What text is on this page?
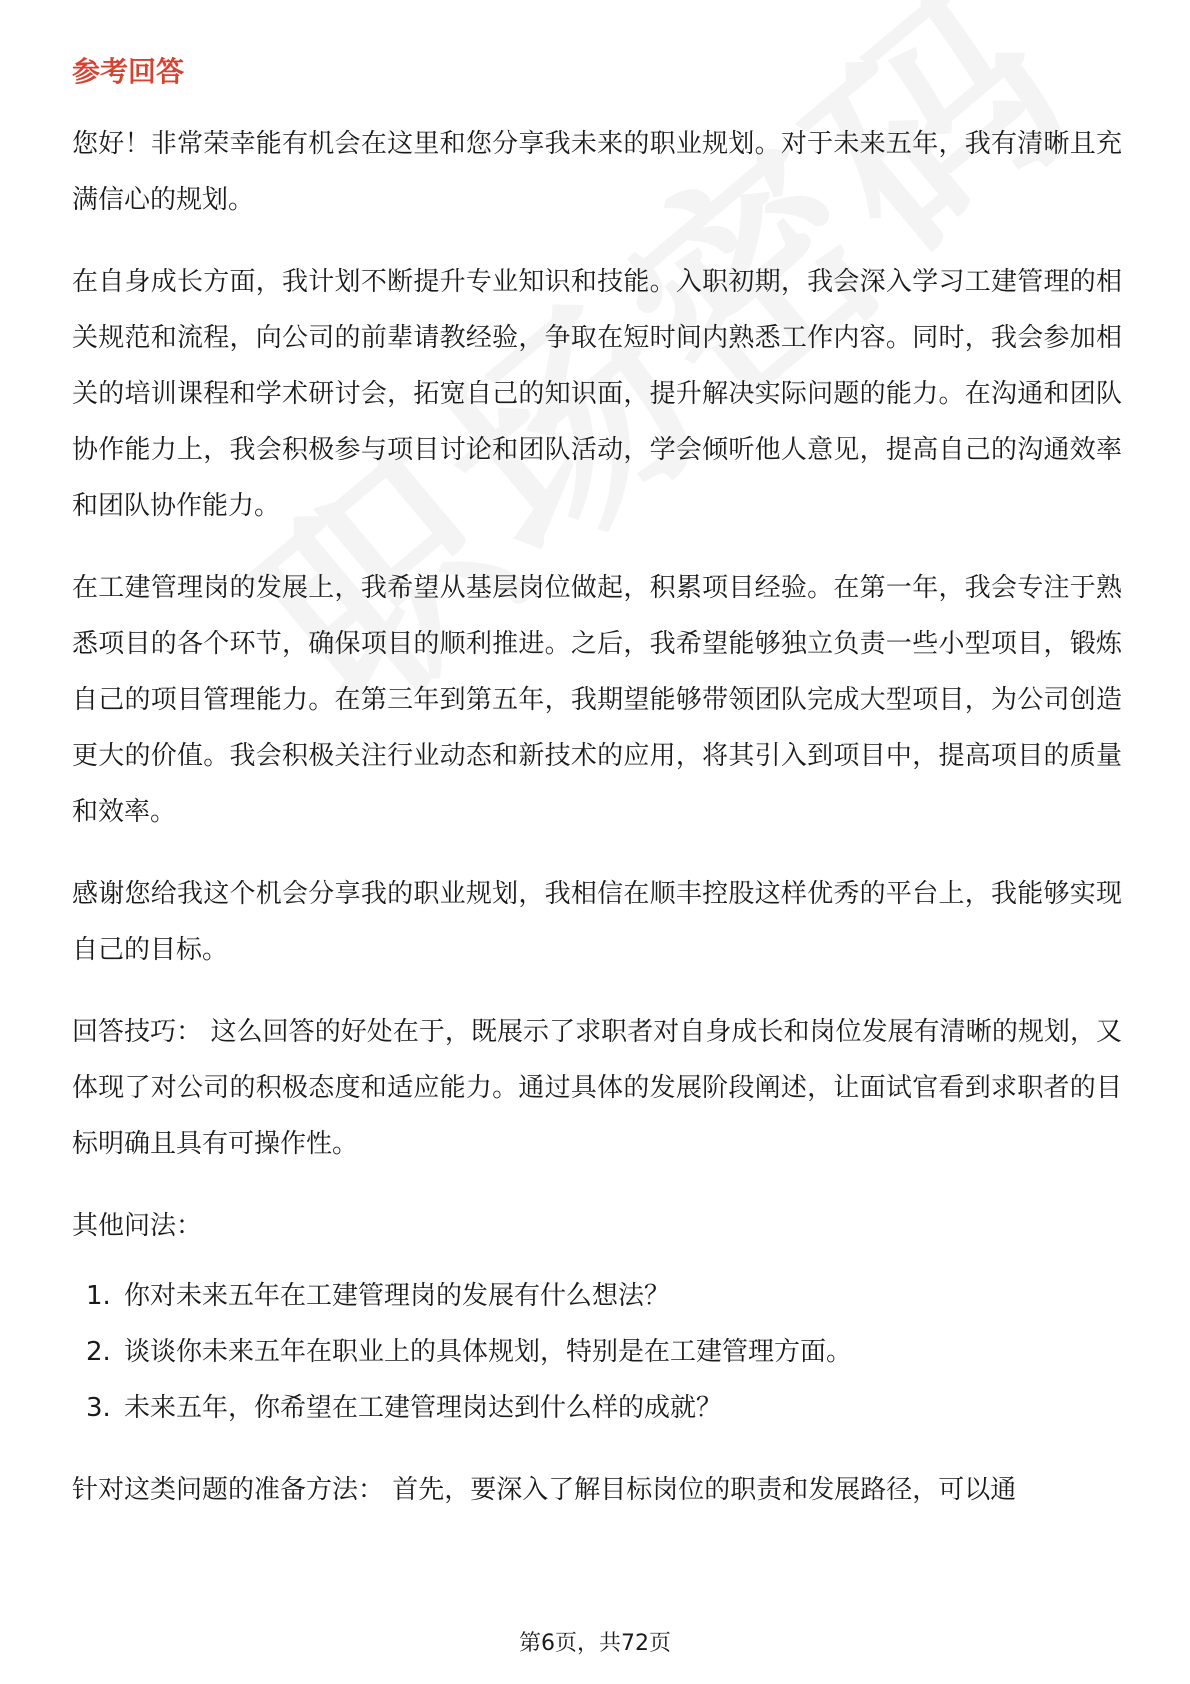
参考回答

您好！非常荣幸能有机会在这里和您分享我未来的职业规划。对于未来五年，我有清晰且充满信心的规划。

在自身成长方面，我计划不断提升专业知识和技能。入职初期，我会深入学习工建管理的相关规范和流程，向公司的前辈请教经验，争取在短时间内熟悉工作内容。同时，我会参加相关的培训课程和学术研讨会，拓宽自己的知识面，提升解决实际问题的能力。在沟通和团队协作能力上，我会积极参与项目讨论和团队活动，学会倾听他人意见，提高自己的沟通效率和团队协作能力。

在工建管理岗的发展上，我希望从基层岗位做起，积累项目经验。在第一年，我会专注于熟悉项目的各个环节，确保项目的顺利推进。之后，我希望能够独立负责一些小型项目，锻炼自己的项目管理能力。在第三年到第五年，我期望能够带领团队完成大型项目，为公司创造更大的价值。我会积极关注行业动态和新技术的应用，将其引入到项目中，提高项目的质量和效率。

感谢您给我这个机会分享我的职业规划，我相信在顺丰控股这样优秀的平台上，我能够实现自己的目标。

回答技巧： 这么回答的好处在于，既展示了求职者对自身成长和岗位发展有清晰的规划，又体现了对公司的积极态度和适应能力。通过具体的发展阶段阐述，让面试官看到求职者的目标明确且具有可操作性。

其他问法：

1. 你对未来五年在工建管理岗的发展有什么想法？
2. 谈谈你未来五年在职业上的具体规划，特别是在工建管理方面。
3. 未来五年，你希望在工建管理岗达到什么样的成就？

针对这类问题的准备方法： 首先，要深入了解目标岗位的职责和发展路径，可以通

第6页，共72页
